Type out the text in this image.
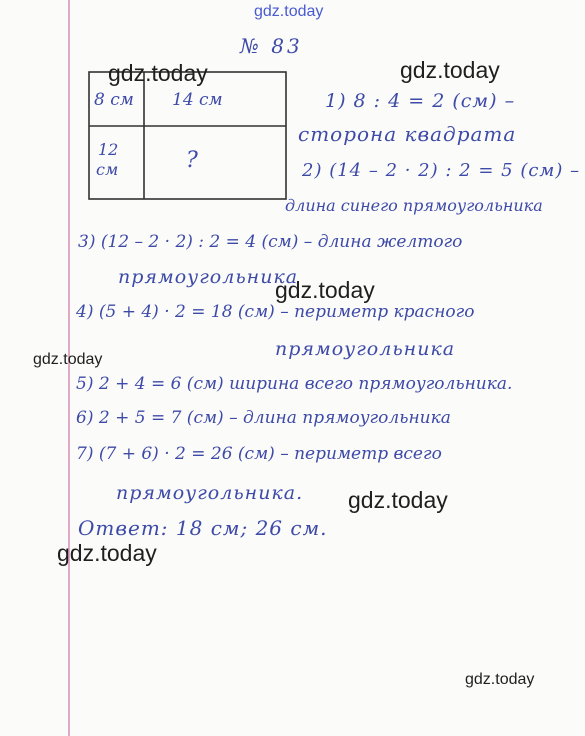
8 см 14 см
12
см	?
№ 83
1) 8 : 4 = 2 (см) –
сторона квадрата
2) (14 – 2 · 2) : 2 = 5 (см) –
длина синего прямоугольника
3) (12 – 2 · 2) : 2 = 4 (см) – длина желтого
прямоугольника
4) (5 + 4) · 2 = 18 (см) – периметр красного
прямоугольника
5) 2 + 4 = 6 (см) ширина всего прямоугольника.
6) 2 + 5 = 7 (см) – длина прямоугольника
7) (7 + 6) · 2 = 26 (см) – периметр всего
прямоугольника.
Ответ: 18 см; 26 см.
gdz.today
gdz.today	gdz.today
gdz.today
gdz.today
gdz.today
gdz.today
gdz.today
